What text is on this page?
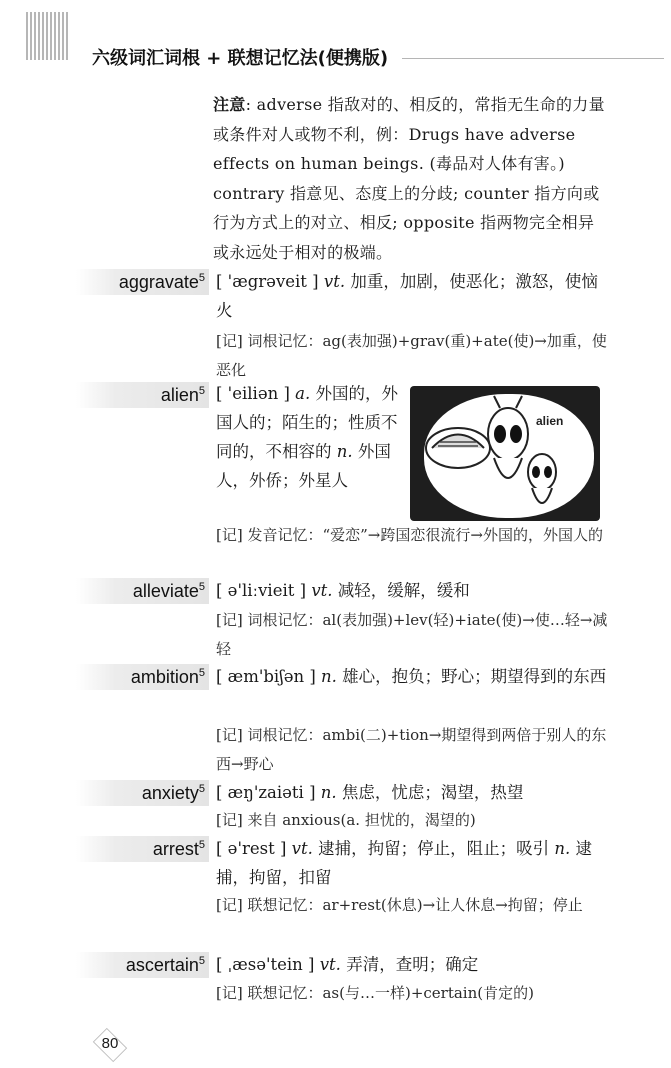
六级词汇词根 + 联想记忆法(便携版)
注意: adverse 指敌对的、相反的，常指无生命的力量或条件对人或物不利，例：Drugs have adverse effects on human beings. (毒品对人体有害。) contrary 指意见、态度上的分歧; counter 指方向或行为方式上的对立、相反; opposite 指两物完全相异或永远处于相对的极端。
aggravate$^5$ [ 'ægrəveit ] vt. 加重，加剧，使恶化；激怒，使恼火
[记] 词根记忆：ag(表加强)+grav(重)+ate(使)→加重，使恶化
alien$^5$ [ 'eiliən ] a. 外国的，外国人的；陌生的；性质不同的，不相容的 n. 外国人，外侨；外星人
[记] 发音记忆：“爱恋”→跨国恋很流行→外国的，外国人的
alien
alleviate$^5$ [ ə'liːvieit ] vt. 减轻，缓解，缓和
[记] 词根记忆：al(表加强)+lev(轻)+iate(使)→使…轻→减轻
ambition$^5$ [ æm'biʃən ] n. 雄心，抱负；野心；期望得到的东西
[记] 词根记忆：ambi(二)+tion→期望得到两倍于别人的东西→野心
anxiety$^5$ [ æŋ'zaiəti ] n. 焦虑，忧虑；渴望，热望
[记] 来自 anxious(a. 担忧的，渴望的)
arrest$^5$ [ ə'rest ] vt. 逮捕，拘留；停止，阻止；吸引 n. 逮捕，拘留，扣留
[记] 联想记忆：ar+rest(休息)→让人休息→拘留；停止
ascertain$^5$ [ ˌæsə'tein ] vt. 弄清，查明；确定
[记] 联想记忆：as(与…一样)+certain(肯定的)
80
